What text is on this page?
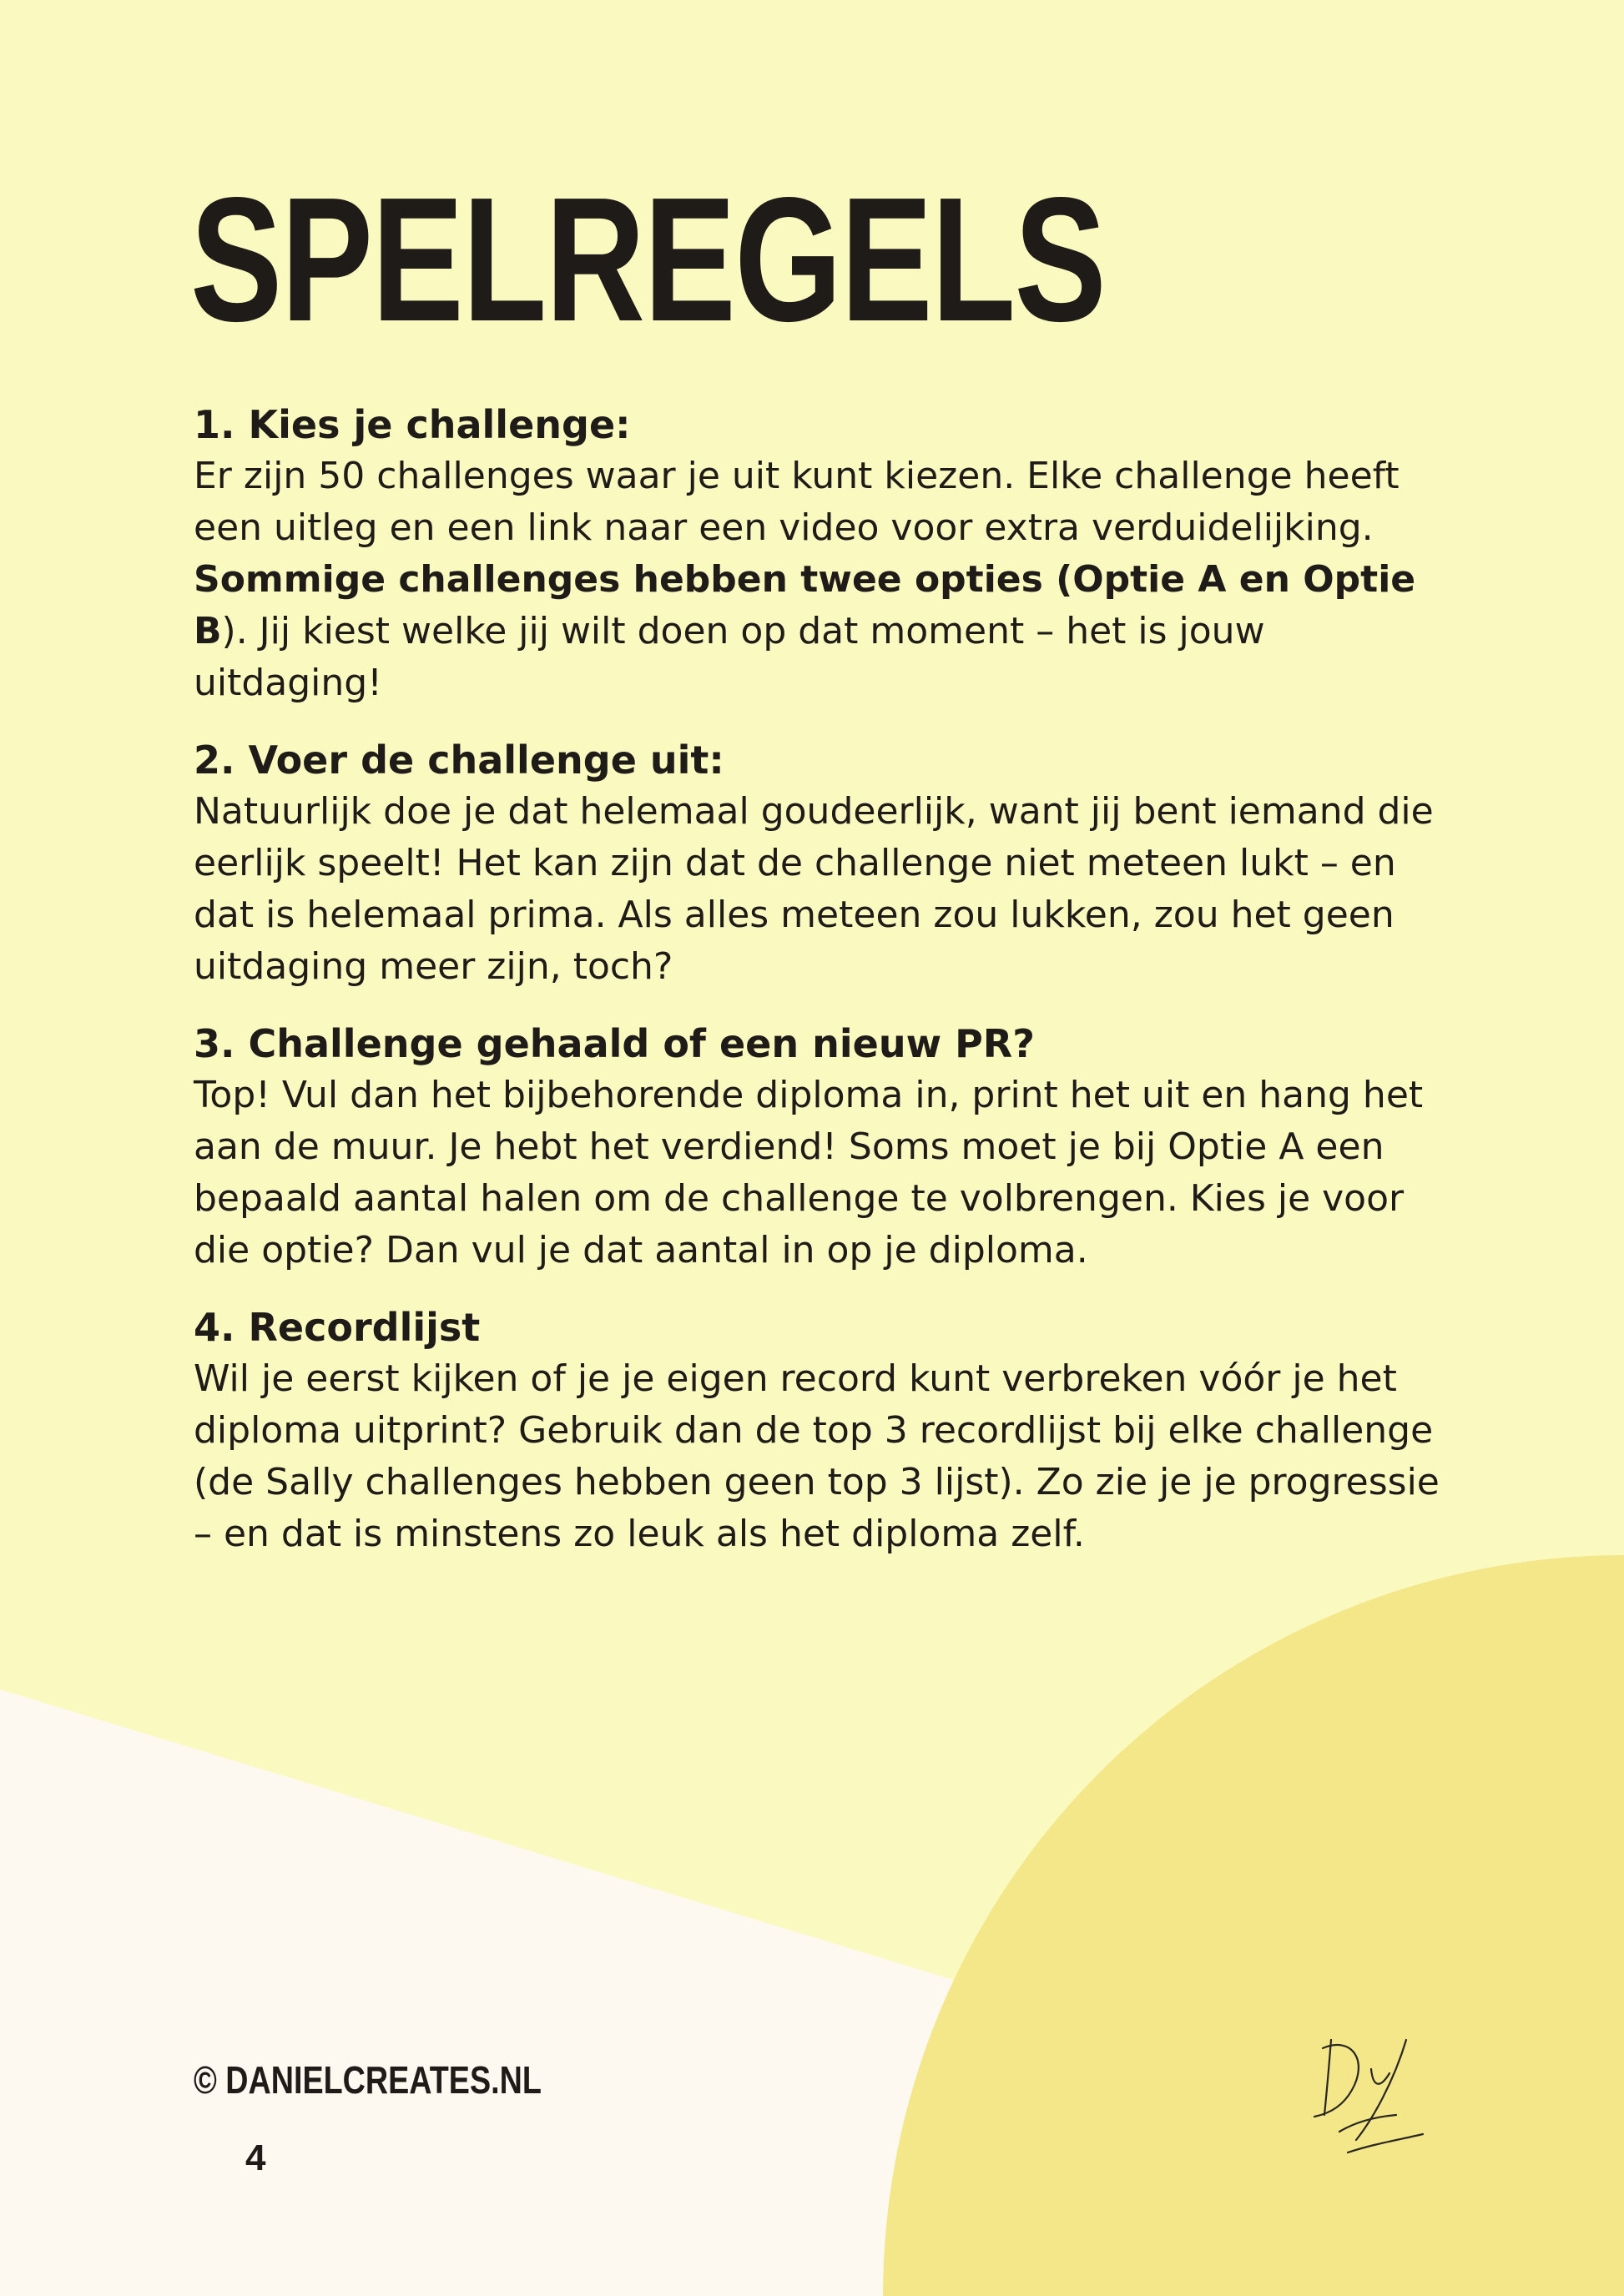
SPELREGELS
1. Kies je challenge:

Er zijn 50 challenges waar je uit kunt kiezen. Elke challenge heeft een uitleg en een link naar een video voor extra verduidelijking. Sommige challenges hebben twee opties (Optie A en Optie B). Jij kiest welke jij wilt doen op dat moment – het is jouw uitdaging!

2. Voer de challenge uit:

Natuurlijk doe je dat helemaal goudeerlijk, want jij bent iemand die eerlijk speelt! Het kan zijn dat de challenge niet meteen lukt – en dat is helemaal prima. Als alles meteen zou lukken, zou het geen uitdaging meer zijn, toch?

3. Challenge gehaald of een nieuw PR?

Top! Vul dan het bijbehorende diploma in, print het uit en hang het aan de muur. Je hebt het verdiend! Soms moet je bij Optie A een bepaald aantal halen om de challenge te volbrengen. Kies je voor die optie? Dan vul je dat aantal in op je diploma.

4. Recordlijst

Wil je eerst kijken of je je eigen record kunt verbreken vóór je het diploma uitprint? Gebruik dan de top 3 recordlijst bij elke challenge (de Sally challenges hebben geen top 3 lijst). Zo zie je je progressie – en dat is minstens zo leuk als het diploma zelf.

© DANIELCREATES.NL
4
